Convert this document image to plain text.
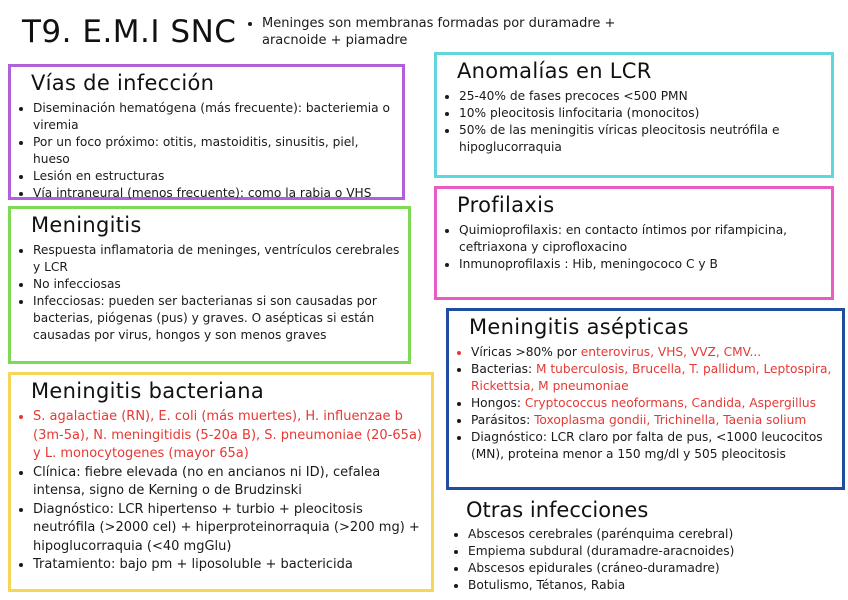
T9. E.M.I SNC
• Meninges son membranas formadas por duramadre + aracnoide + piamadre
Vías de infección
• Diseminación hematógena (más frecuente): bacteriemia o viremia
• Por un foco próximo: otitis, mastoiditis, sinusitis, piel, hueso
• Lesión en estructuras
• Vía intraneural (menos frecuente): como la rabia o VHS
Meningitis
• Respuesta inflamatoria de meninges, ventrículos cerebrales y LCR
• No infecciosas
• Infecciosas: pueden ser bacterianas si son causadas por bacterias, piógenas (pus) y graves. O asépticas si están causadas por virus, hongos y son menos graves
Meningitis bacteriana
• S. agalactiae (RN), E. coli (más muertes), H. influenzae b (3m-5a), N. meningitidis (5-20a B), S. pneumoniae (20-65a) y L. monocytogenes (mayor 65a)
• Clínica: fiebre elevada (no en ancianos ni ID), cefalea intensa, signo de Kerning o de Brudzinski
• Diagnóstico: LCR hipertenso + turbio + pleocitosis neutrófila (>2000 cel) + hiperproteinorraquia (>200 mg) + hipoglucorraquia (<40 mgGlu)
• Tratamiento: bajo pm + liposoluble + bactericida
Anomalías en LCR
• 25-40% de fases precoces <500 PMN
• 10% pleocitosis linfocitaria (monocitos)
• 50% de las meningitis víricas pleocitosis neutrófila e hipoglucorraquia
Profilaxis
• Quimioprofilaxis: en contacto íntimos por rifampicina, ceftriaxona y ciprofloxacino
• Inmunoprofilaxis : Hib, meningococo C y B
Meningitis asépticas
• Víricas >80% por enterovirus, VHS, VVZ, CMV...
• Bacterias: M tuberculosis, Brucella, T. pallidum, Leptospira, Rickettsia, M pneumoniae
• Hongos: Cryptococcus neoformans, Candida, Aspergillus
• Parásitos: Toxoplasma gondii, Trichinella, Taenia solium
• Diagnóstico: LCR claro por falta de pus, <1000 leucocitos (MN), proteina menor a 150 mg/dl y 505 pleocitosis
Otras infecciones
• Abscesos cerebrales (parénquima cerebral)
• Empiema subdural (duramadre-aracnoides)
• Abscesos epidurales (cráneo-duramadre)
• Botulismo, Tétanos, Rabia
